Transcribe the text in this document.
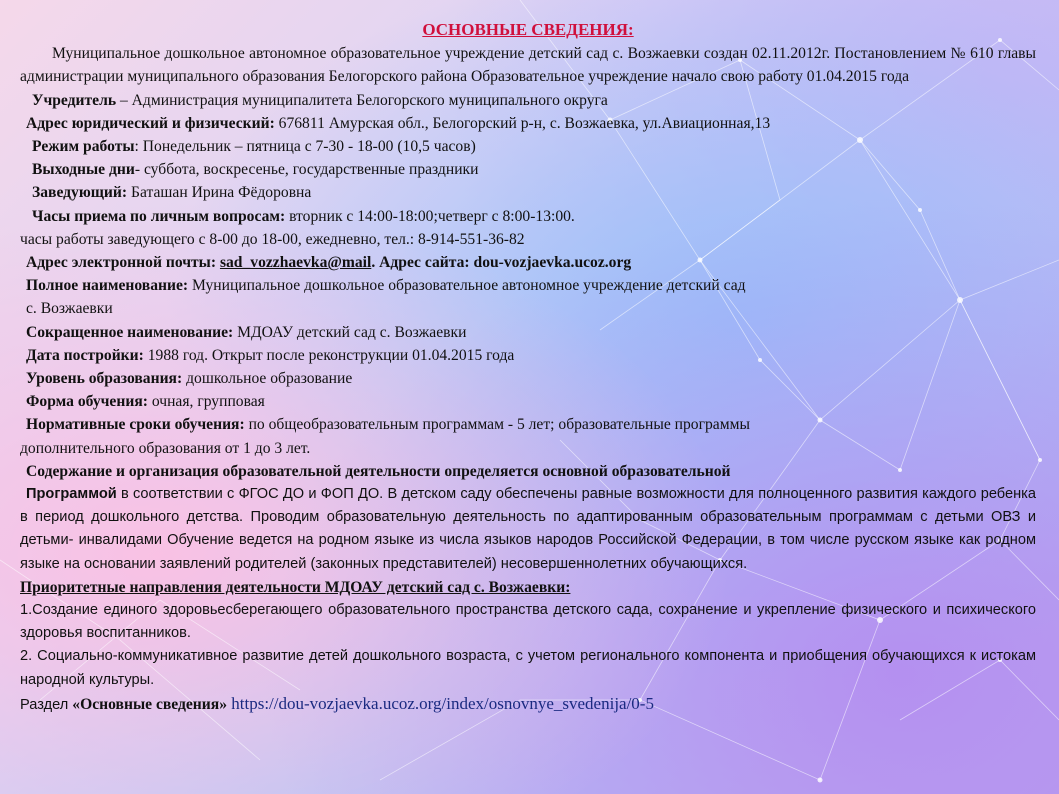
ОСНОВНЫЕ СВЕДЕНИЯ:

Муниципальное дошкольное автономное образовательное учреждение детский сад с. Возжаевки создан 02.11.2012г. Постановлением № 610 главы администрации муниципального образования Белогорского района Образовательное учреждение начало свою работу 01.04.2015 года

Учредитель – Администрация муниципалитета Белогорского муниципального округа

Адрес юридический и физический: 676811 Амурская обл., Белогорский р-н, с. Возжаевка, ул.Авиационная,13

Режим работы: Понедельник – пятница с 7-30 - 18-00 (10,5 часов)

Выходные дни- суббота, воскресенье, государственные праздники

Заведующий: Баташан Ирина Фёдоровна

Часы приема по личным вопросам: вторник с 14:00-18:00;четверг с 8:00-13:00.

часы работы заведующего с 8-00 до 18-00, ежедневно, тел.: 8-914-551-36-82

Адрес электронной почты: sad_vozzhaevka@mail. Адрес сайта: dou-vozjaevka.ucoz.org

Полное наименование: Муниципальное дошкольное образовательное автономное учреждение детский сад
с. Возжаевки

Сокращенное наименование: МДОАУ детский сад с. Возжаевки

Дата постройки: 1988 год. Открыт после реконструкции 01.04.2015 года

Уровень образования: дошкольное образование

Форма обучения: очная, групповая

Нормативные сроки обучения: по общеобразовательным программам - 5 лет; образовательные программы
дополнительного образования от 1 до 3 лет.

Содержание и организация образовательной деятельности определяется основной образовательной

Программой в соответствии с ФГОС ДО и ФОП ДО. В детском саду обеспечены равные возможности для полноценного развития каждого ребенка в период дошкольного детства. Проводим образовательную деятельность по адаптированным образовательным программам с детьми ОВЗ и детьми- инвалидами Обучение ведется на родном языке из числа языков народов Российской Федерации, в том числе русском языке как родном языке на основании заявлений родителей (законных представителей) несовершеннолетних обучающихся.

Приоритетные направления деятельности МДОАУ детский сад с. Возжаевки:

1.Создание единого здоровьесберегающего образовательного пространства детского сада, сохранение и укрепление физического и психического здоровья воспитанников.

2. Социально-коммуникативное развитие детей дошкольного возраста, с учетом регионального компонента и приобщения обучающихся к истокам народной культуры.

Раздел «Основные сведения» https://dou-vozjaevka.ucoz.org/index/osnovnye_svedenija/0-5
